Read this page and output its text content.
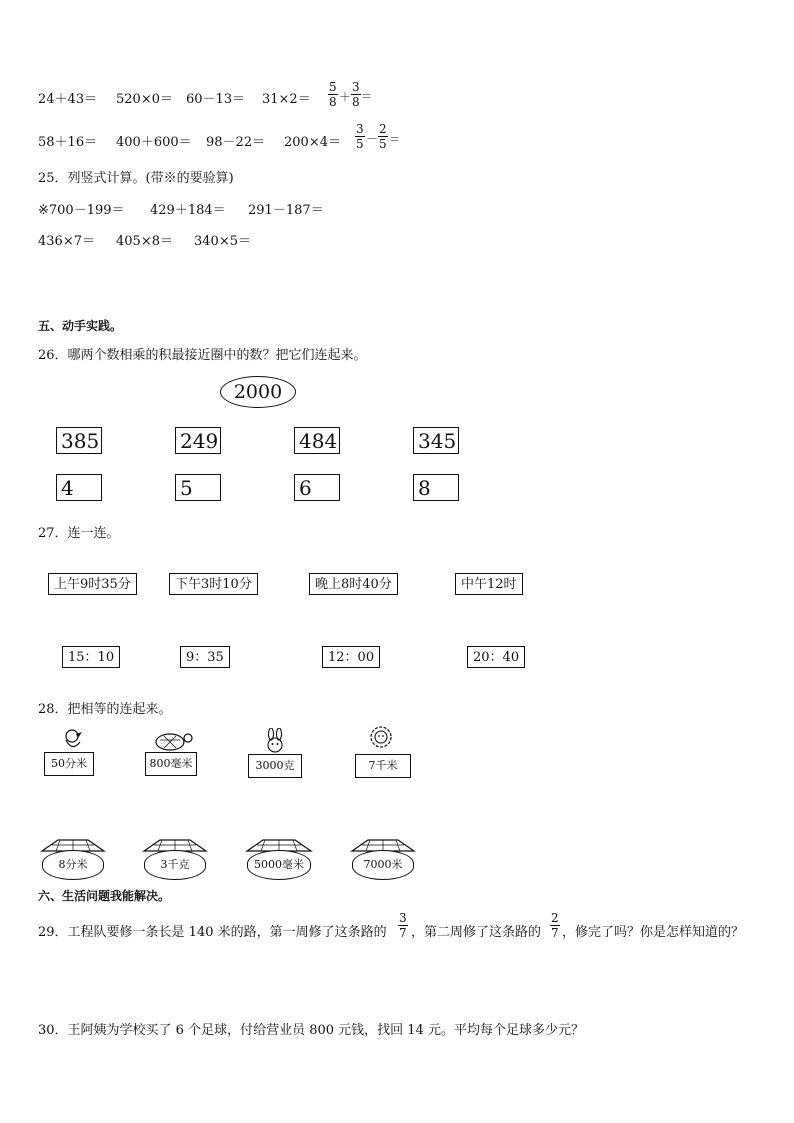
$24+43= 520\times 0= 60-13= 31\times 2= \frac{5}{8} + \frac{3}{8}$ ＝
$58+16= 400+600= 98-22= 200\times 4= \frac{3}{5} - \frac{2}{5}$ ＝
25．列竖式计算。(带※的要验算)
※700－199＝ 429＋184＝ 291－187＝
436×7＝ 405×8＝ 340×5＝
五、动手实践。
26．哪两个数相乘的积最接近圈中的数？把它们连起来。
2000
385	249	484	345
4	5	6	8
27．连一连。
上午9时35分	下午3时10分	晚上8时40分	中午12时
15：10	9：35	12：00	20：40
28．把相等的连起来。
50分米	800毫米	3000克	7千米
8分米	3千克	5000毫米	7000米
六、生活问题我能解决。
29．工程队要修一条长是 140 米的路，第一周修了这条路的 $\frac{3}{7}$ ，第二周修了这条路的 $\frac{2}{7}$ ，修完了吗？你是怎样知道的？
30．王阿姨为学校买了 6 个足球，付给营业员 800 元钱，找回 14 元。平均每个足球多少元？
